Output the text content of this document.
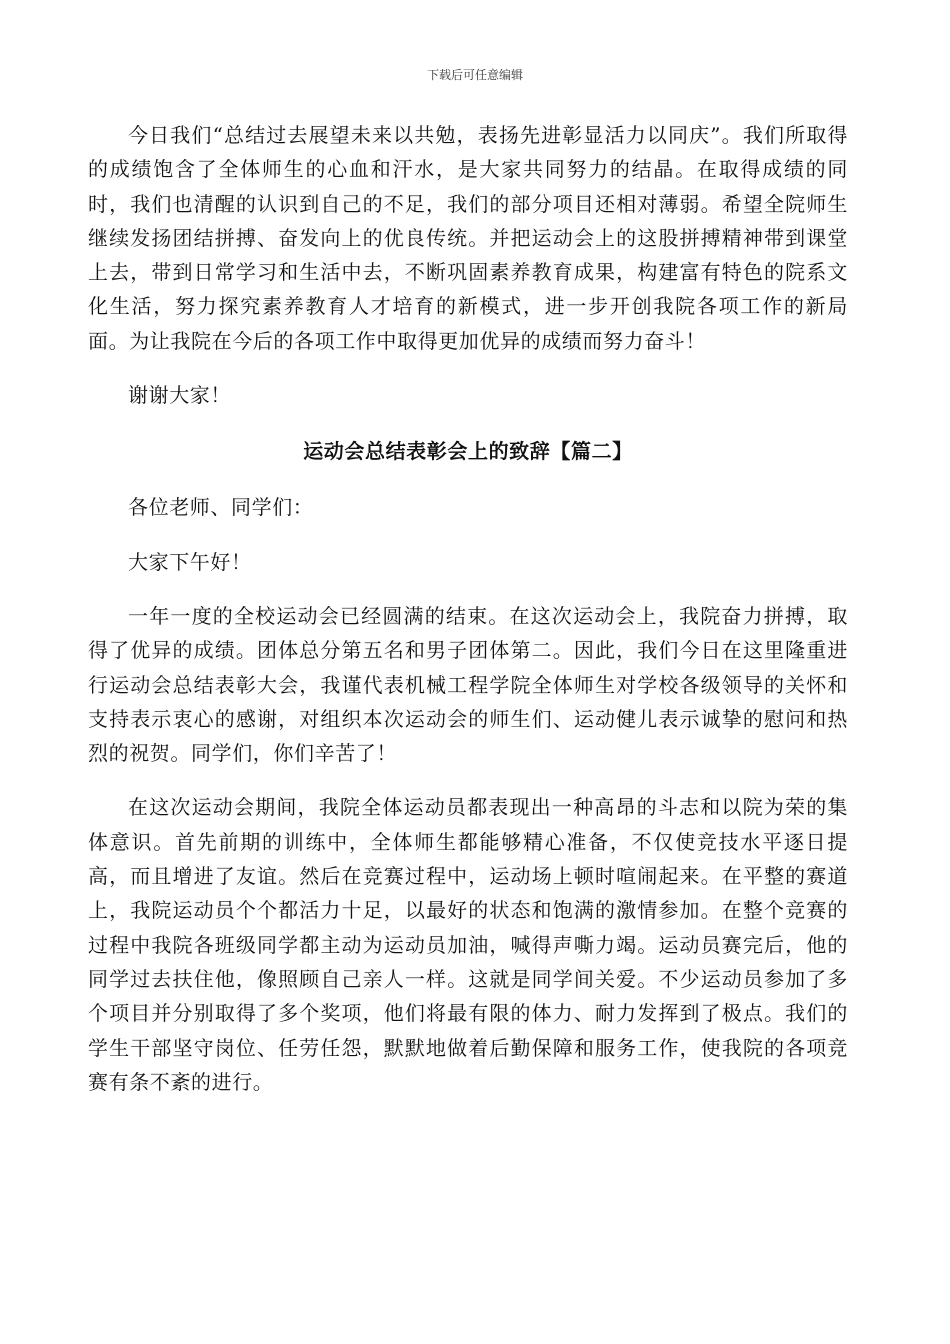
下载后可任意编辑

今日我们“总结过去展望未来以共勉，表扬先进彰显活力以同庆”。我们所取得的成绩饱含了全体师生的心血和汗水，是大家共同努力的结晶。在取得成绩的同时，我们也清醒的认识到自己的不足，我们的部分项目还相对薄弱。希望全院师生继续发扬团结拼搏、奋发向上的优良传统。并把运动会上的这股拼搏精神带到课堂上去，带到日常学习和生活中去，不断巩固素养教育成果，构建富有特色的院系文化生活，努力探究素养教育人才培育的新模式，进一步开创我院各项工作的新局面。为让我院在今后的各项工作中取得更加优异的成绩而努力奋斗！

谢谢大家！

运动会总结表彰会上的致辞【篇二】

各位老师、同学们：

大家下午好！

一年一度的全校运动会已经圆满的结束。在这次运动会上，我院奋力拼搏，取得了优异的成绩。团体总分第五名和男子团体第二。因此，我们今日在这里隆重进行运动会总结表彰大会，我谨代表机械工程学院全体师生对学校各级领导的关怀和支持表示衷心的感谢，对组织本次运动会的师生们、运动健儿表示诚挚的慰问和热烈的祝贺。同学们，你们辛苦了！

在这次运动会期间，我院全体运动员都表现出一种高昂的斗志和以院为荣的集体意识。首先前期的训练中，全体师生都能够精心准备，不仅使竞技水平逐日提高，而且增进了友谊。然后在竞赛过程中，运动场上顿时喧闹起来。在平整的赛道上，我院运动员个个都活力十足，以最好的状态和饱满的激情参加。在整个竞赛的过程中我院各班级同学都主动为运动员加油，喊得声嘶力竭。运动员赛完后，他的同学过去扶住他，像照顾自己亲人一样。这就是同学间关爱。不少运动员参加了多个项目并分别取得了多个奖项，他们将最有限的体力、耐力发挥到了极点。我们的学生干部坚守岗位、任劳任怨，默默地做着后勤保障和服务工作，使我院的各项竞赛有条不紊的进行。
